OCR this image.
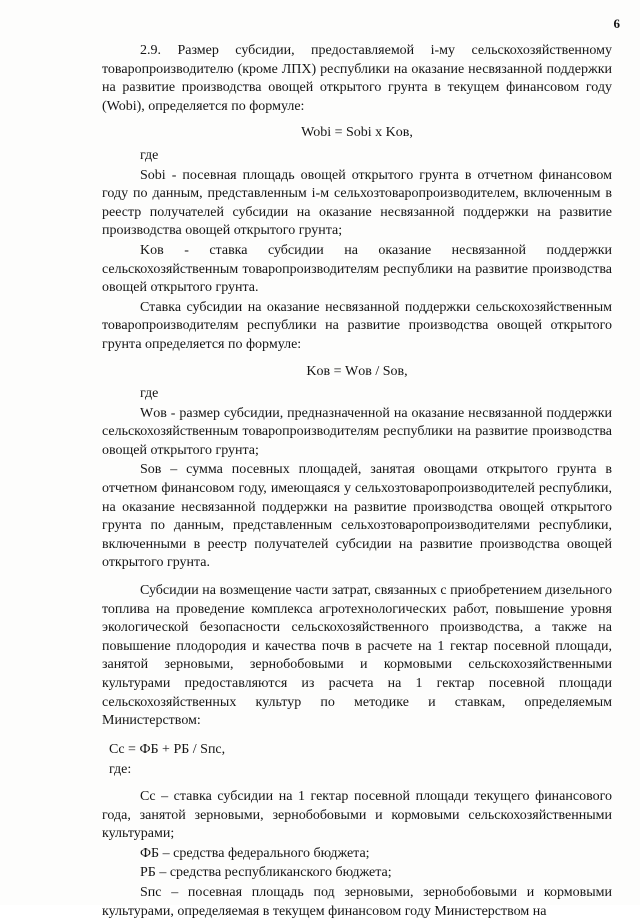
6

2.9. Размер субсидии, предоставляемой i-му сельскохозяйственному товаропроизводителю (кроме ЛПХ) республики на оказание несвязанной поддержки на развитие производства овощей открытого грунта в текущем финансовом году (Wobi), определяется по формуле:

Wobi = Sobi x Kов,

где

Sobi - посевная площадь овощей открытого грунта в отчетном финансовом году по данным, представленным i-м сельхозтоваропроизводителем, включенным в реестр получателей субсидии на оказание несвязанной поддержки на развитие производства овощей открытого грунта;

Kов - ставка субсидии на оказание несвязанной поддержки сельскохозяйственным товаропроизводителям республики на развитие производства овощей открытого грунта.

Ставка субсидии на оказание несвязанной поддержки сельскохозяйственным товаропроизводителям республики на развитие производства овощей открытого грунта определяется по формуле:

Kов = Wов / Sов,

где

Wов - размер субсидии, предназначенной на оказание несвязанной поддержки сельскохозяйственным товаропроизводителям республики на развитие производства овощей открытого грунта;

Sов – сумма посевных площадей, занятая овощами открытого грунта в отчетном финансовом году, имеющаяся у сельхозтоваропроизводителей республики, на оказание несвязанной поддержки на развитие производства овощей открытого грунта по данным, представленным сельхозтоваропроизводителями республики, включенными в реестр получателей субсидии на развитие производства овощей открытого грунта.

Субсидии на возмещение части затрат, связанных с приобретением дизельного топлива на проведение комплекса агротехнологических работ, повышение уровня экологической безопасности сельскохозяйственного производства, а также на повышение плодородия и качества почв в расчете на 1 гектар посевной площади, занятой зерновыми, зернобобовыми и кормовыми сельскохозяйственными культурами предоставляются из расчета на 1 гектар посевной площади сельскохозяйственных культур по методике и ставкам, определяемым Министерством:

Cc = ФБ + РБ / Sпс,

где:

Cc – ставка субсидии на 1 гектар посевной площади текущего финансового года, занятой зерновыми, зернобобовыми и кормовыми сельскохозяйственными культурами;

ФБ – средства федерального бюджета;

РБ – средства республиканского бюджета;

Sпс – посевная площадь под зерновыми, зернобобовыми и кормовыми культурами, определяемая в текущем финансовом году Министерством на
